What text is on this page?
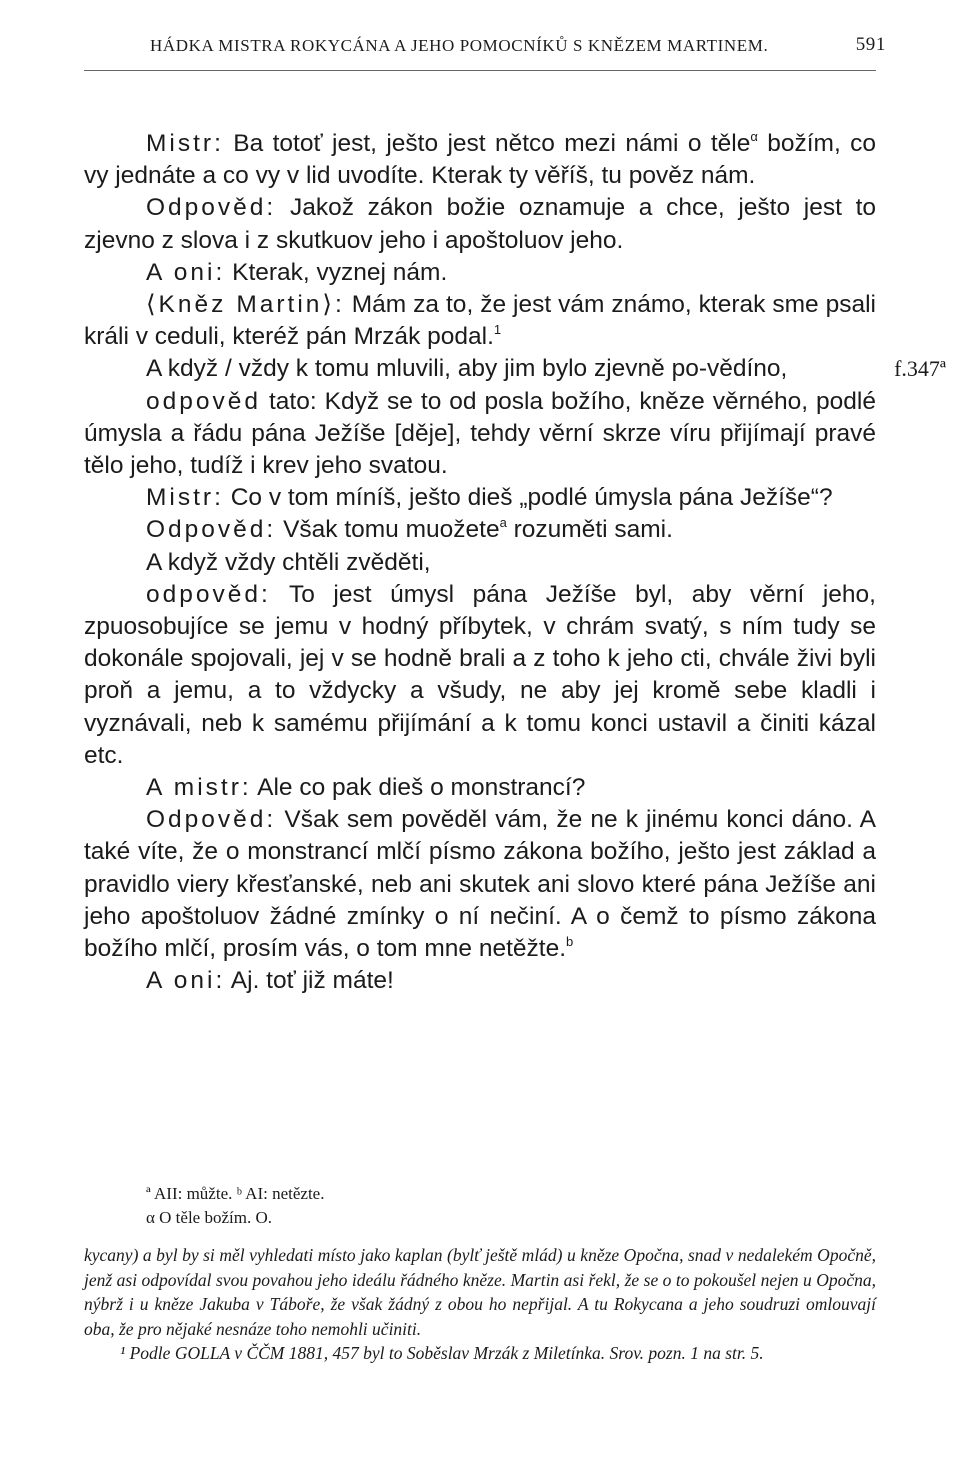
HÁDKA MISTRA ROKYCÁNA A JEHO POMOCNÍKŮ S KNĚZEM MARTINEM.	591

Mistr: Ba totoť jest, ješto jest nětco mezi námi o těle$^\alpha$ božím, co vy jednáte a co vy v lid uvodíte. Kterak ty věříš, tu pověz nám.

Odpověd: Jakož zákon božie oznamuje a chce, ješto jest to zjevno z slova i z skutkuov jeho i apoštoluov jeho.

A oni: Kterak, vyznej nám.

⟨Kněz Martin⟩: Mám za to, že jest vám známo, kterak sme psali králi v ceduli, kteréž pán Mrzák podal.$^1$

A když / vždy k tomu mluvili, aby jim bylo zjevně po-vědíno,	f.347ª

odpověd tato: Když se to od posla božího, kněze věrného, podlé úmysla a řádu pána Ježíše [děje], tehdy věrní skrze víru přijímají pravé tělo jeho, tudíž i krev jeho svatou.

Mistr: Co v tom míníš, ješto dieš „podlé úmysla pána Ježíše“?

Odpověd: Však tomu muožete$^a$ rozuměti sami.

A když vždy chtěli zvěděti,

odpověd: To jest úmysl pána Ježíše byl, aby věrní jeho, zpuosobujíce se jemu v hodný příbytek, v chrám svatý, s ním tudy se dokonále spojovali, jej v se hodně brali a z toho k jeho cti, chvále živi byli proň a jemu, a to vždycky a všudy, ne aby jej kromě sebe kladli i vyznávali, neb k samému přijímání a k tomu konci ustavil a činiti kázal etc.

A mistr: Ale co pak dieš o monstrancí?

Odpověd: Však sem pověděl vám, že ne k jinému konci dáno. A také víte, že o monstrancí mlčí písmo zákona božího, ješto jest základ a pravidlo viery křesťanské, neb ani skutek ani slovo které pána Ježíše ani jeho apoštoluov žádné zmínky o ní nečiní. A o čemž to písmo zákona božího mlčí, prosím vás, o tom mne netěžte.$^b$

A oni: Aj. toť již máte!

ª AII: můžte. ᵇ AI: netězte.
α O těle božím. O.

kycany) a byl by si měl vyhledati místo jako kaplan (bylť ještě mlád) u kněze Opočna, snad v nedalekém Opočně, jenž asi odpovídal svou povahou jeho ideálu řádného kněze. Martin asi řekl, že se o to pokoušel nejen u Opočna, nýbrž i u kněze Jakuba v Táboře, že však žádný z obou ho nepřijal. A tu Rokycana a jeho soudruzi omlouvají oba, že pro nějaké nesnáze toho nemohli učiniti.

¹ Podle GOLLA v ČČM 1881, 457 byl to Soběslav Mrzák z Miletínka. Srov. pozn. 1 na str. 5.
